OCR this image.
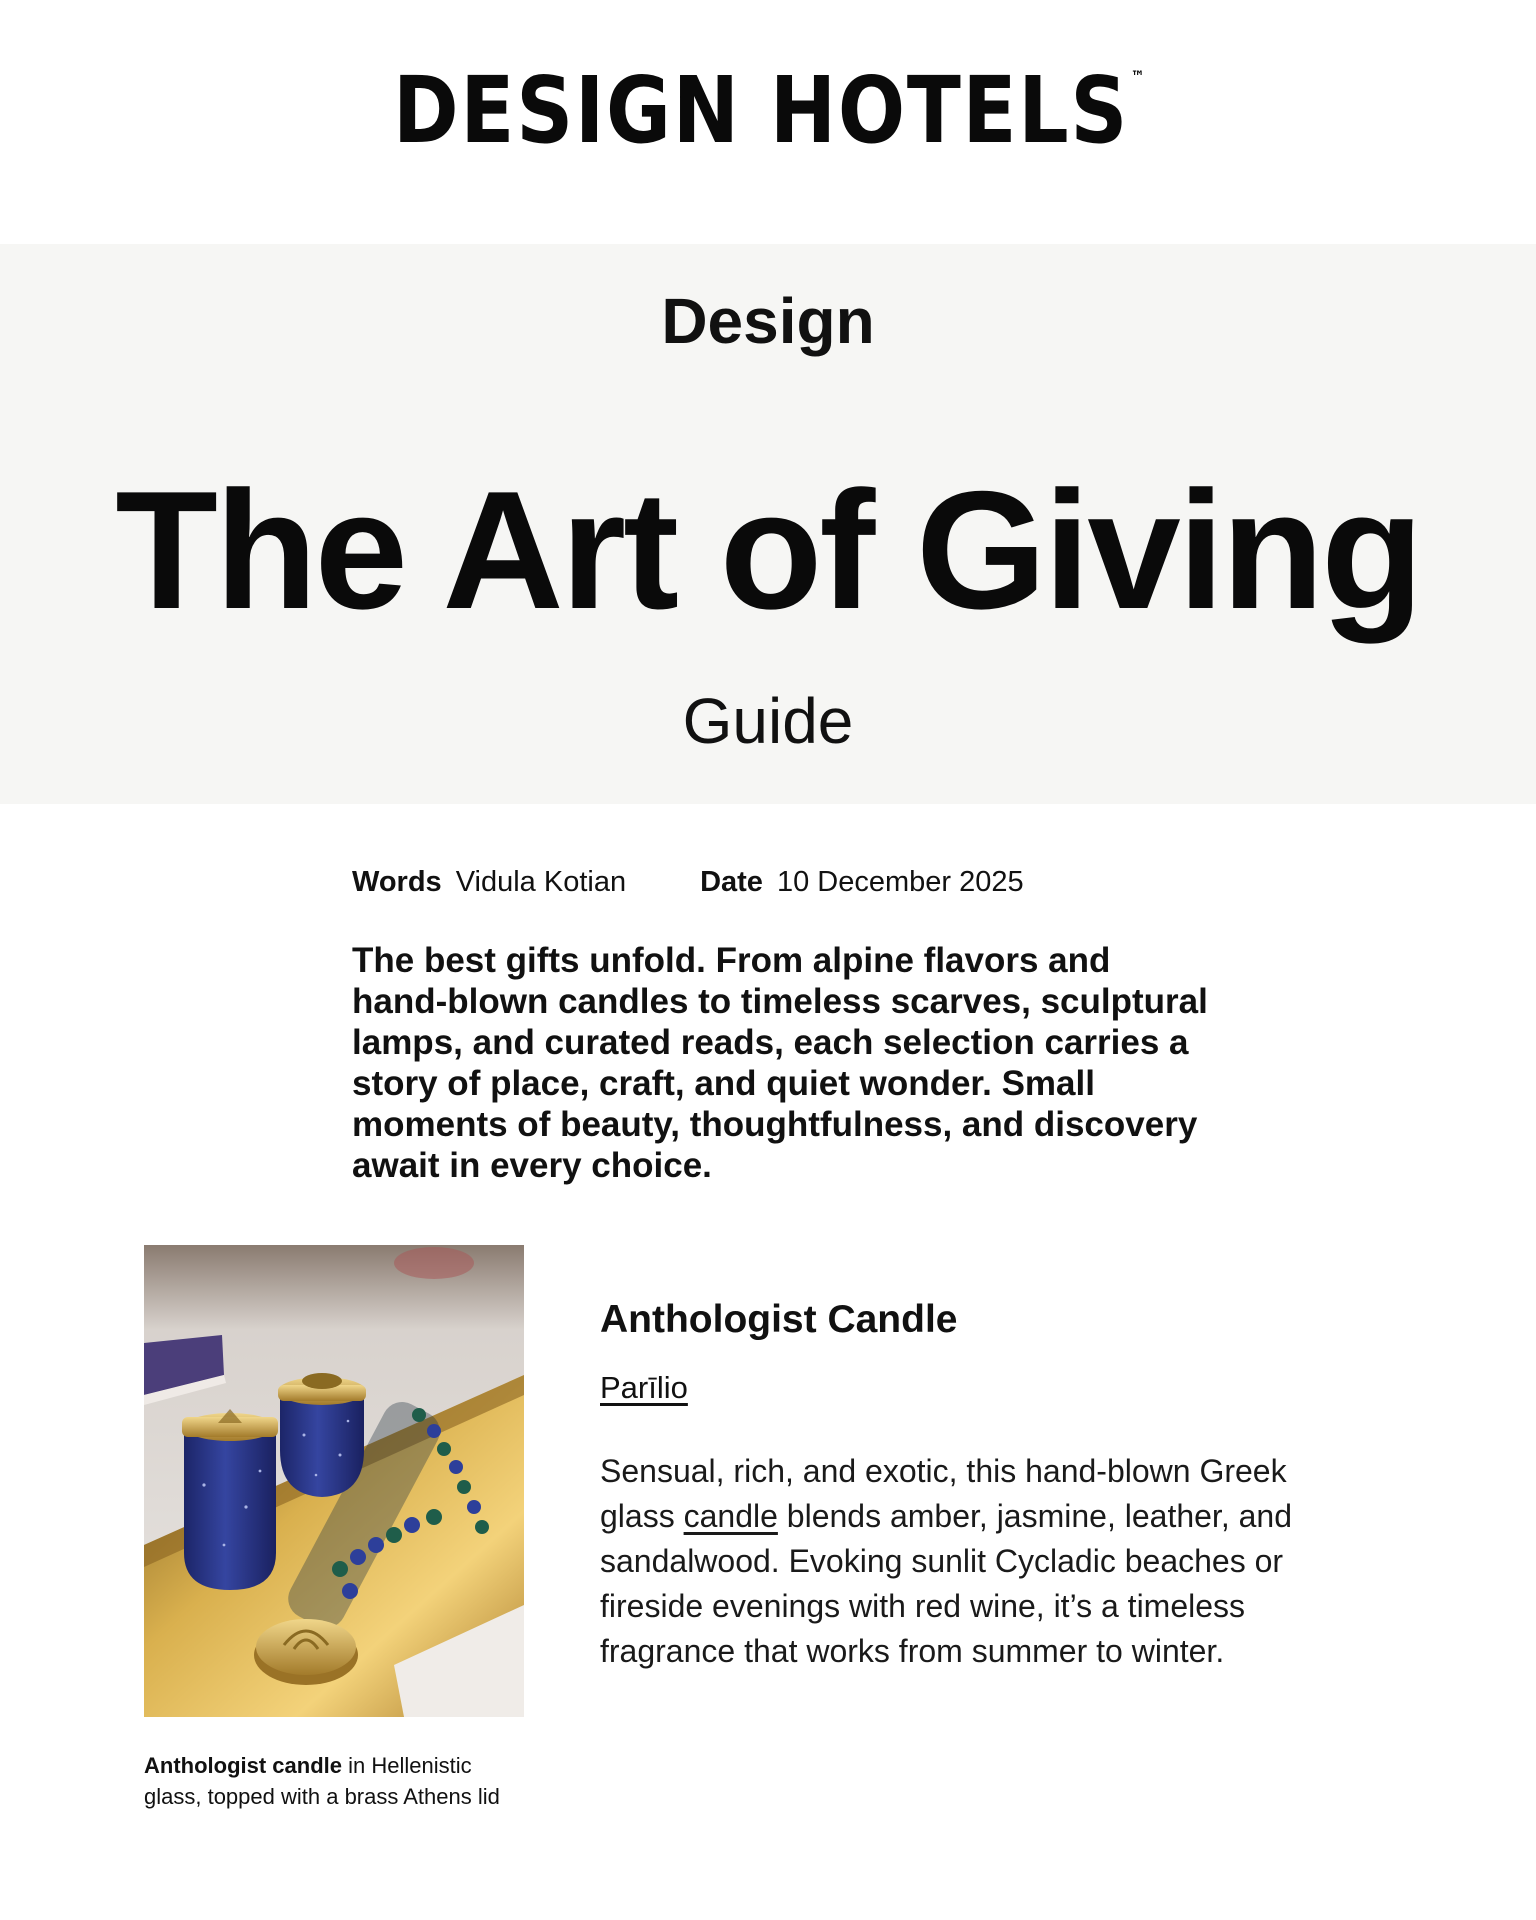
DESIGN HOTELS ™
Design
The Art of Giving
Guide
Words Vidula Kotian	Date 10 December 2025

The best gifts unfold. From alpine flavors and hand-blown candles to timeless scarves, sculptural lamps, and curated reads, each selection carries a story of place, craft, and quiet wonder. Small moments of beauty, thoughtfulness, and discovery await in every choice.

Anthologist candle in Hellenistic glass, topped with a brass Athens lid

Anthologist Candle
Parīlio

Sensual, rich, and exotic, this hand-blown Greek glass candle blends amber, jasmine, leather, and sandalwood. Evoking sunlit Cycladic beaches or fireside evenings with red wine, it’s a timeless fragrance that works from summer to winter.
